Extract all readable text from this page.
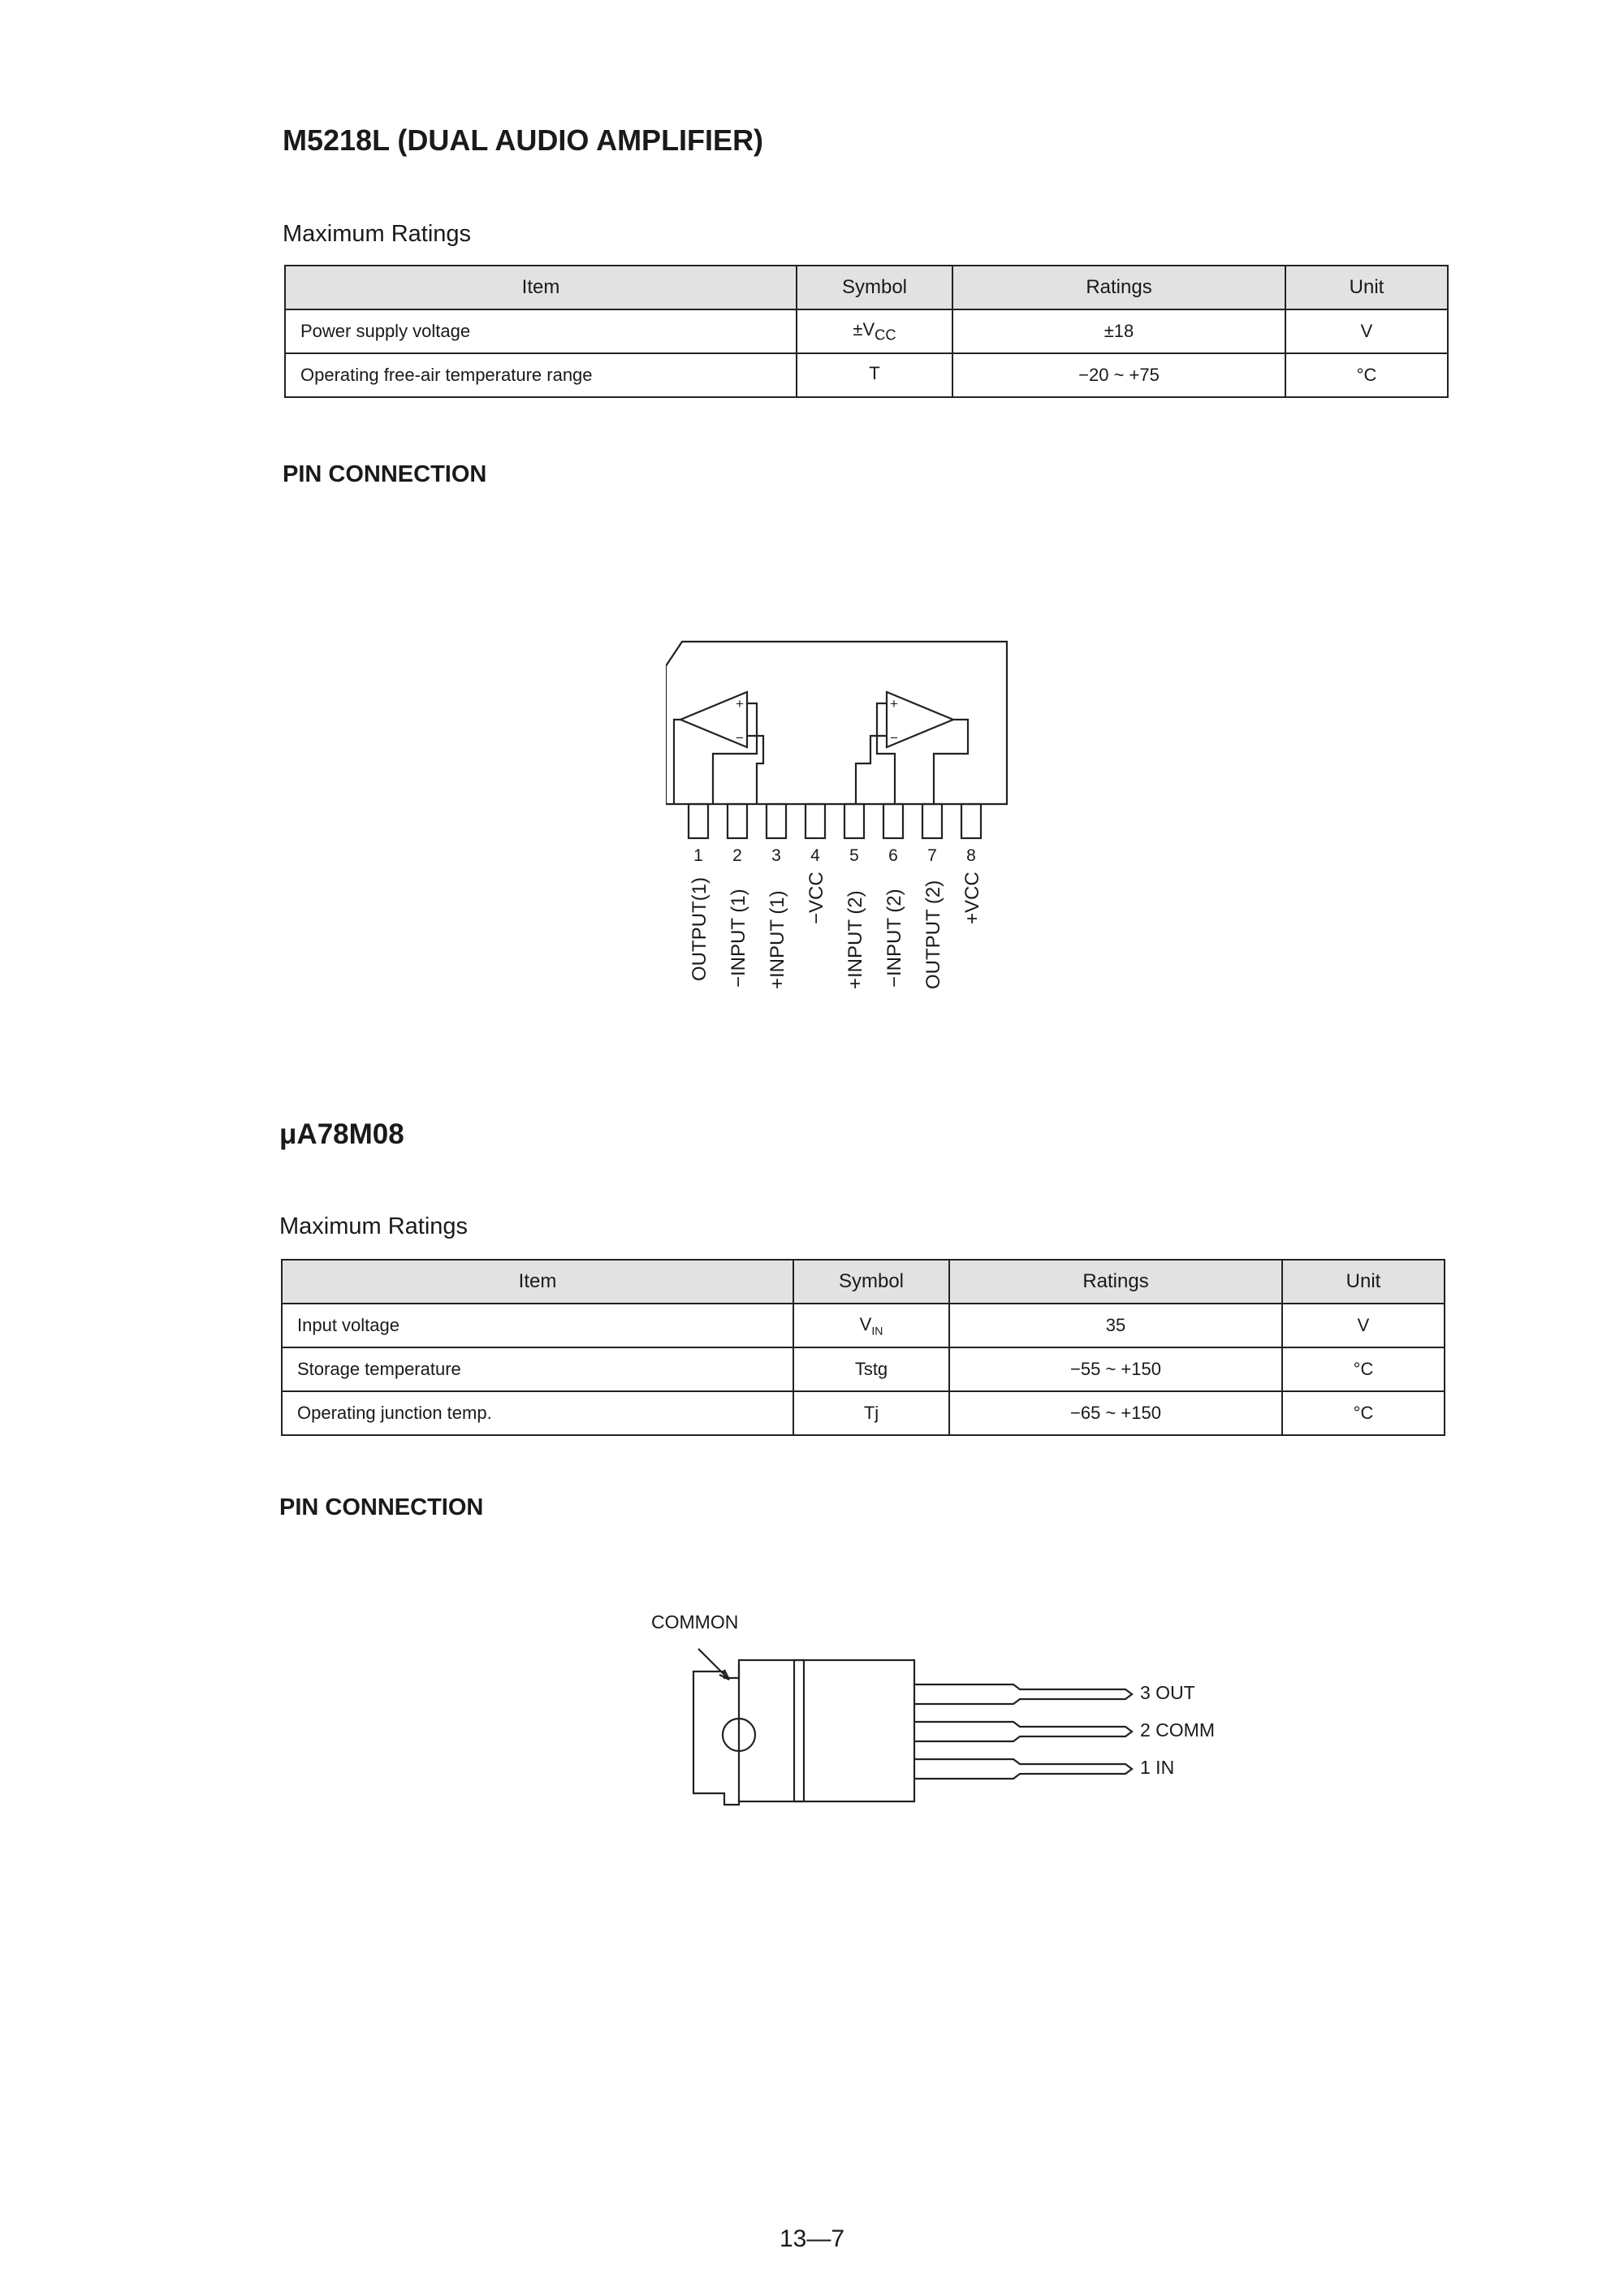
M5218L (DUAL AUDIO AMPLIFIER)
Maximum Ratings
Item	Symbol	Ratings	Unit
Power supply voltage	$\pm V_{CC}$	±18	V
Operating free-air temperature range	T	−20 ~ +75	°C
PIN CONNECTION
+
−
+
−
1 2 3 4 5 6 7 8
OUTPUT(1) −INPUT (1) +INPUT (1) −VCC +INPUT (2) −INPUT (2) OUTPUT (2) +VCC
μA78M08
Maximum Ratings
Item	Symbol	Ratings	Unit
Input voltage	$V_{IN}$	35	V
Storage temperature	Tstg	−55 ~ +150	°C
Operating junction temp.	Tj	−65 ~ +150	°C
PIN CONNECTION
COMMON
3 OUT
2 COMM
1 IN
13—7
